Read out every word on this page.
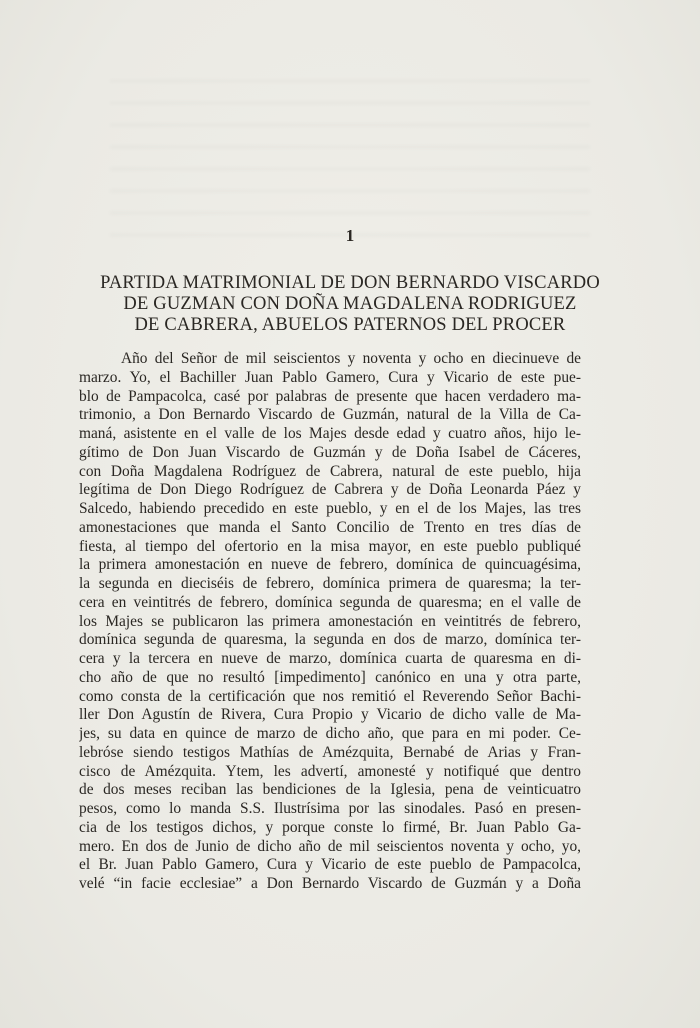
1
PARTIDA MATRIMONIAL DE DON BERNARDO VISCARDO
DE GUZMAN CON DOÑA MAGDALENA RODRIGUEZ
DE CABRERA, ABUELOS PATERNOS DEL PROCER
Año del Señor de mil seiscientos y noventa y ocho en diecinueve de
marzo. Yo, el Bachiller Juan Pablo Gamero, Cura y Vicario de este pue-
blo de Pampacolca, casé por palabras de presente que hacen verdadero ma-
trimonio, a Don Bernardo Viscardo de Guzmán, natural de la Villa de Ca-
maná, asistente en el valle de los Majes desde edad y cuatro años, hijo le-
gítimo de Don Juan Viscardo de Guzmán y de Doña Isabel de Cáceres,
con Doña Magdalena Rodríguez de Cabrera, natural de este pueblo, hija
legítima de Don Diego Rodríguez de Cabrera y de Doña Leonarda Páez y
Salcedo, habiendo precedido en este pueblo, y en el de los Majes, las tres
amonestaciones que manda el Santo Concilio de Trento en tres días de
fiesta, al tiempo del ofertorio en la misa mayor, en este pueblo publiqué
la primera amonestación en nueve de febrero, domínica de quincuagésima,
la segunda en dieciséis de febrero, domínica primera de quaresma; la ter-
cera en veintitrés de febrero, domínica segunda de quaresma; en el valle de
los Majes se publicaron las primera amonestación en veintitrés de febrero,
domínica segunda de quaresma, la segunda en dos de marzo, domínica ter-
cera y la tercera en nueve de marzo, domínica cuarta de quaresma en di-
cho año de que no resultó [impedimento] canónico en una y otra parte,
como consta de la certificación que nos remitió el Reverendo Señor Bachi-
ller Don Agustín de Rivera, Cura Propio y Vicario de dicho valle de Ma-
jes, su data en quince de marzo de dicho año, que para en mi poder. Ce-
lebróse siendo testigos Mathías de Amézquita, Bernabé de Arias y Fran-
cisco de Amézquita. Ytem, les advertí, amonesté y notifiqué que dentro
de dos meses reciban las bendiciones de la Iglesia, pena de veinticuatro
pesos, como lo manda S.S. Ilustrísima por las sinodales. Pasó en presen-
cia de los testigos dichos, y porque conste lo firmé, Br. Juan Pablo Ga-
mero. En dos de Junio de dicho año de mil seiscientos noventa y ocho, yo,
el Br. Juan Pablo Gamero, Cura y Vicario de este pueblo de Pampacolca,
velé “in facie ecclesiae” a Don Bernardo Viscardo de Guzmán y a Doña
